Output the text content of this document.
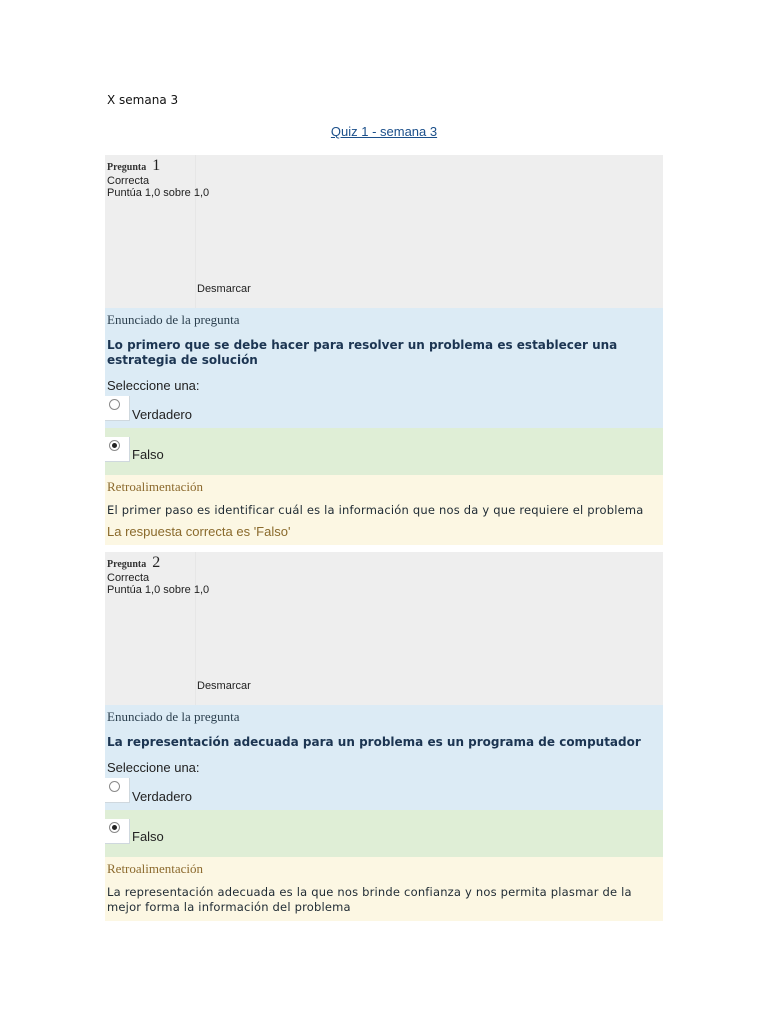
X semana 3
Quiz 1 - semana 3
Pregunta 1
Correcta
Puntúa 1,0 sobre 1,0
Desmarcar
Enunciado de la pregunta
Lo primero que se debe hacer para resolver un problema es establecer una estrategia de solución
Seleccione una:
Verdadero
Falso
Retroalimentación
El primer paso es identificar cuál es la información que nos da y que requiere el problema
La respuesta correcta es 'Falso'
Pregunta 2
Correcta
Puntúa 1,0 sobre 1,0
Desmarcar
Enunciado de la pregunta
La representación adecuada para un problema es un programa de computador
Seleccione una:
Verdadero
Falso
Retroalimentación
La representación adecuada es la que nos brinde confianza y nos permita plasmar de la mejor forma la información del problema
